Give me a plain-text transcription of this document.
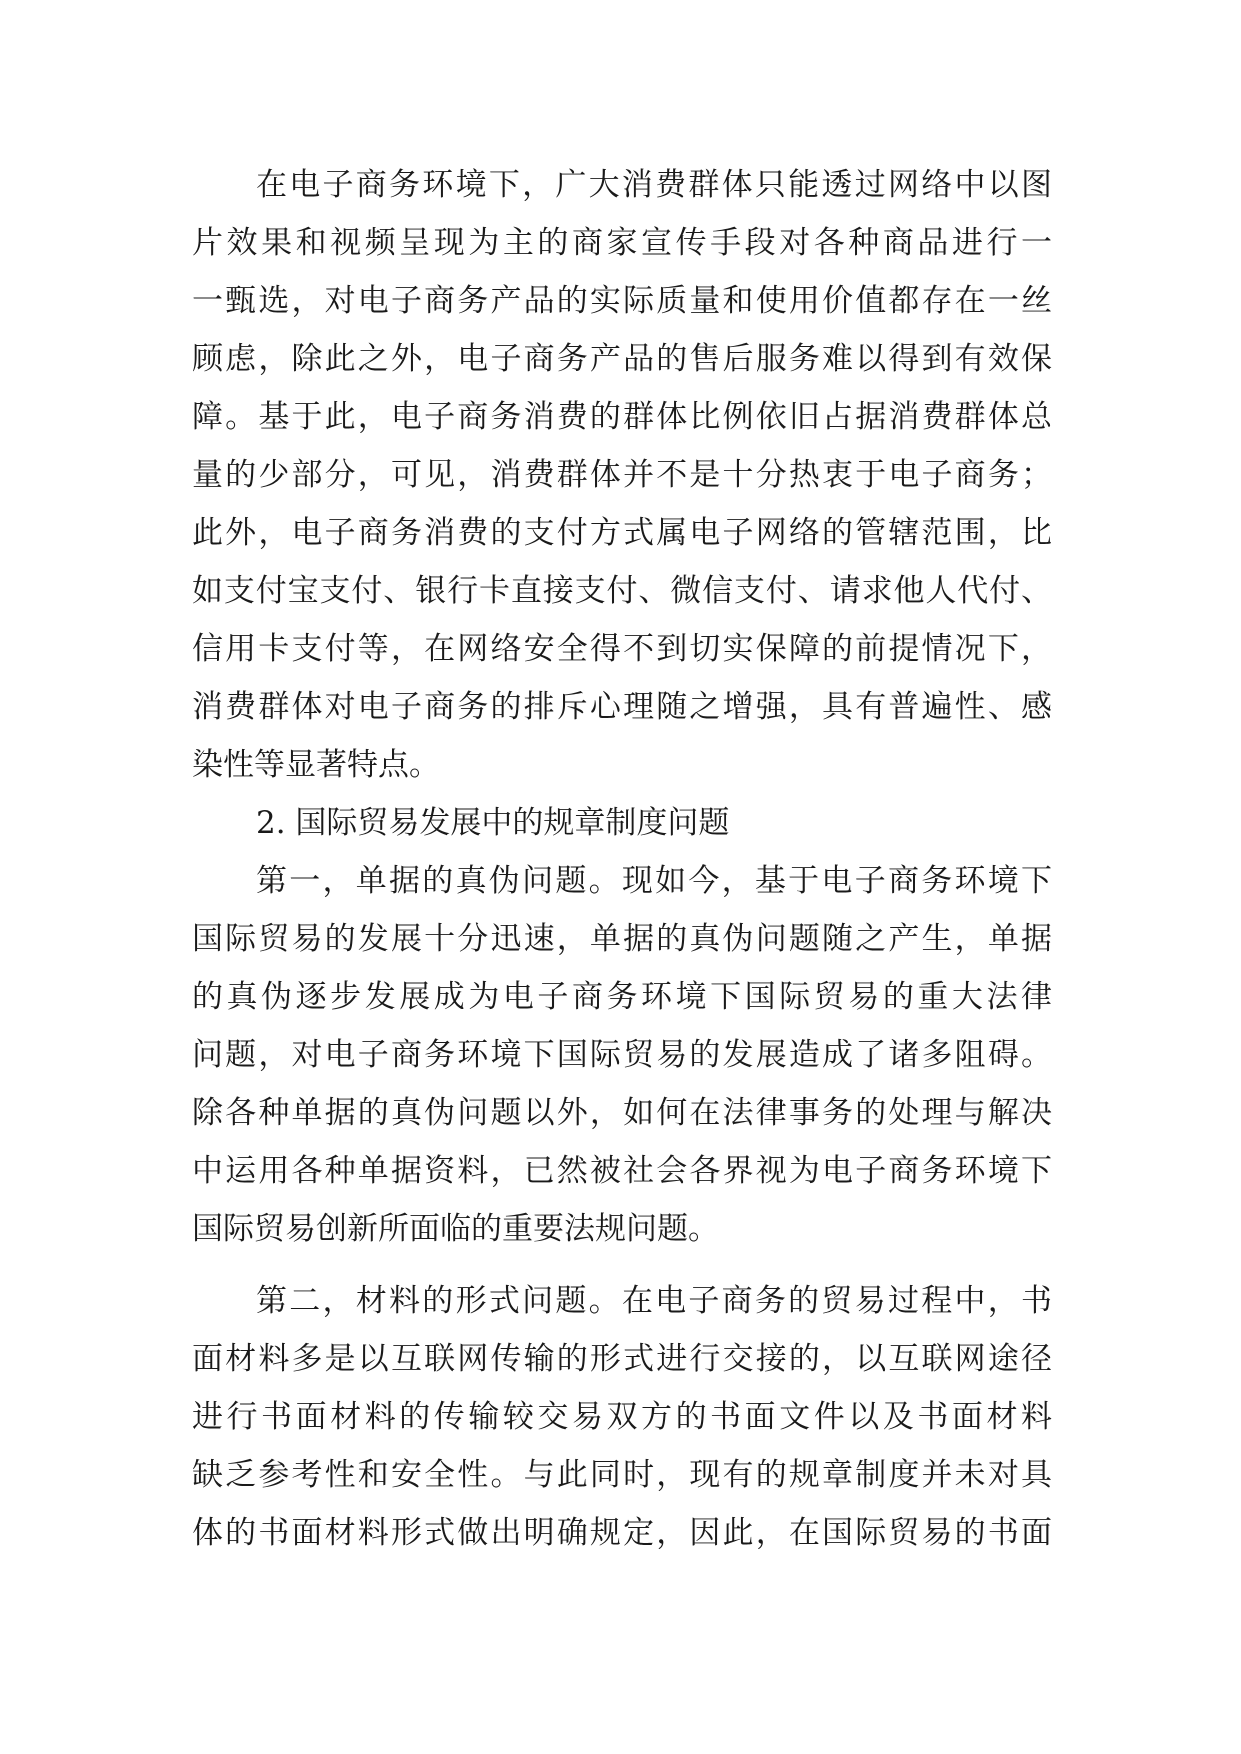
在电子商务环境下，广大消费群体只能透过网络中以图
片效果和视频呈现为主的商家宣传手段对各种商品进行一
一甄选，对电子商务产品的实际质量和使用价值都存在一丝
顾虑，除此之外，电子商务产品的售后服务难以得到有效保
障。基于此，电子商务消费的群体比例依旧占据消费群体总
量的少部分，可见，消费群体并不是十分热衷于电子商务；
此外，电子商务消费的支付方式属电子网络的管辖范围，比
如支付宝支付、银行卡直接支付、微信支付、请求他人代付、
信用卡支付等，在网络安全得不到切实保障的前提情况下，
消费群体对电子商务的排斥心理随之增强，具有普遍性、感
染性等显著特点。
2. 国际贸易发展中的规章制度问题
第一，单据的真伪问题。现如今，基于电子商务环境下
国际贸易的发展十分迅速，单据的真伪问题随之产生，单据
的真伪逐步发展成为电子商务环境下国际贸易的重大法律
问题，对电子商务环境下国际贸易的发展造成了诸多阻碍。
除各种单据的真伪问题以外，如何在法律事务的处理与解决
中运用各种单据资料，已然被社会各界视为电子商务环境下
国际贸易创新所面临的重要法规问题。
第二，材料的形式问题。在电子商务的贸易过程中，书
面材料多是以互联网传输的形式进行交接的，以互联网途径
进行书面材料的传输较交易双方的书面文件以及书面材料
缺乏参考性和安全性。与此同时，现有的规章制度并未对具
体的书面材料形式做出明确规定，因此，在国际贸易的书面
